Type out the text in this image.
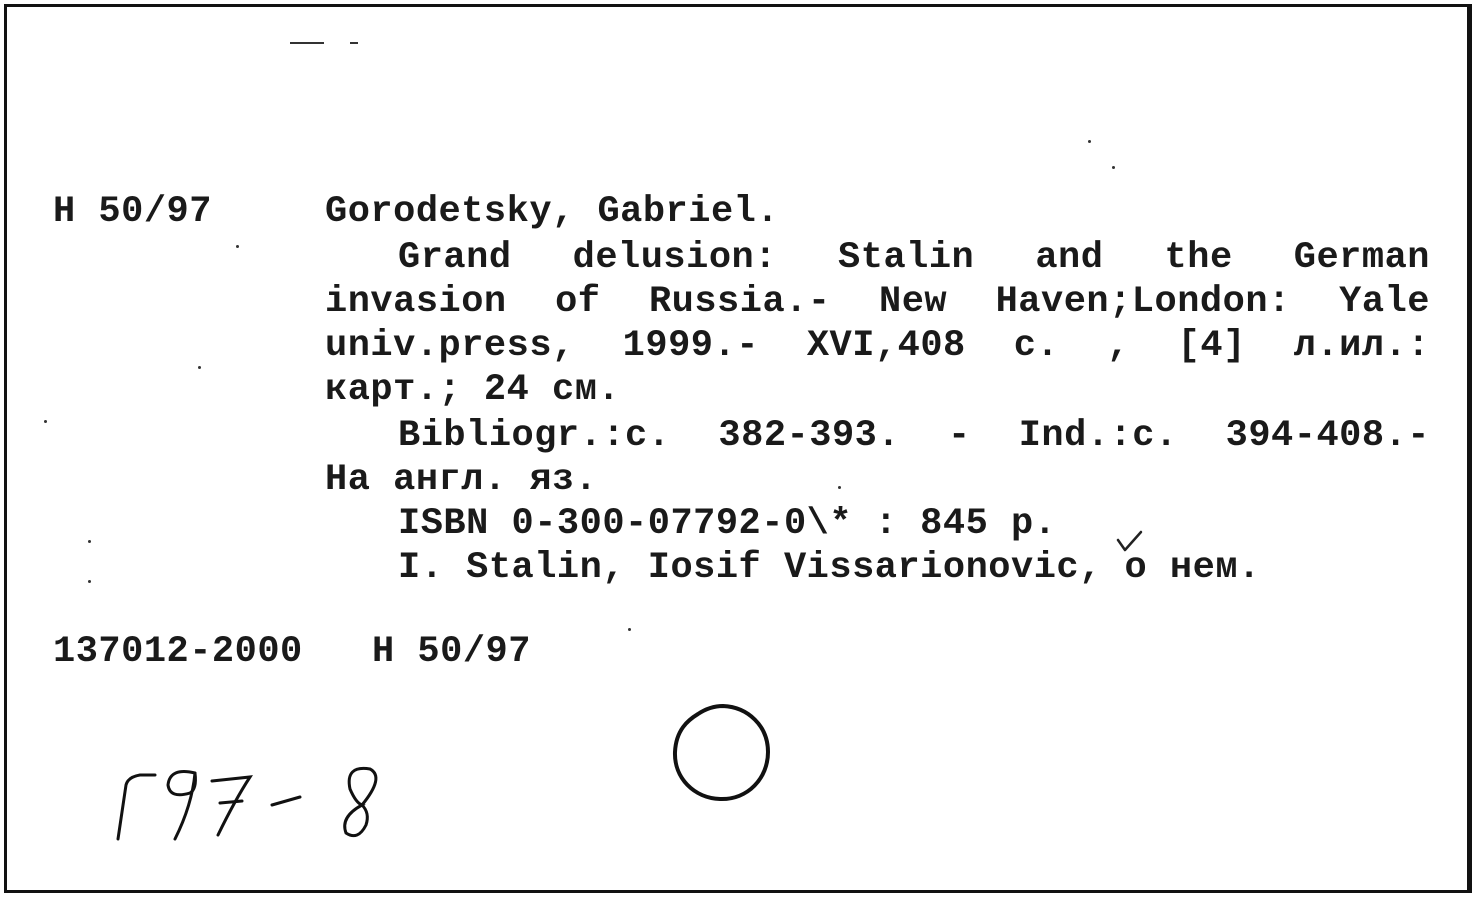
H 50/97	Gorodetsky, Gabriel.
Grand delusion: Stalin and the German
invasion of Russia.- New Haven;London: Yale
univ.press, 1999.- XVI,408 c. , [4] л.ил.:
карт.; 24 см.
Bibliogr.:c. 382-393. - Ind.:c. 394-408.-
На англ. яз.
ISBN 0-300-07792-0\* : 845 p.
I. Stalin, Iosif Vissarionovic, о нем.
137012-2000 H 50/97
